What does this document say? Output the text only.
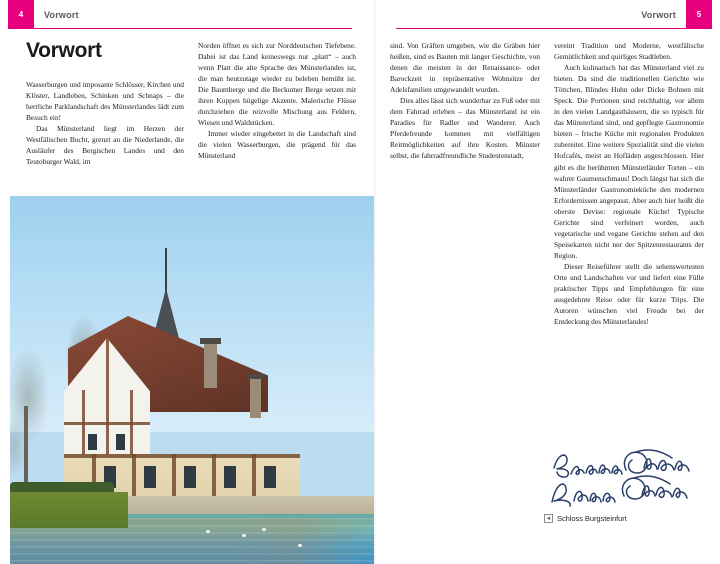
4	Vorwort
Vorwort

Wasserburgen und imposante Schlösser, Kirchen und Klöster, Landleben, Schinken und Schnaps – die herrliche Parklandschaft des Münsterlandes lädt zum Besuch ein!

Das Münsterland liegt im Herzen der Westfälischen Bucht, grenzt an die Niederlande, die Ausläufer des Bergischen Landes und den Teutoburger Wald, im

Norden öffnet es sich zur Norddeutschen Tiefebene. Dabei ist das Land keineswegs nur „platt“ – auch wenn Platt die alte Sprache des Münsterlandes ist, die man heutzutage wieder zu beleben bemüht ist. Die Baumberge und die Beckumer Berge setzen mit ihren Kuppen hügelige Akzente. Malerische Flüsse durchziehen die reizvolle Mischung aus Feldern, Wiesen und Waldstücken.

Immer wieder eingebettet in die Landschaft sind die vielen Wasserburgen, die prägend für das Münsterland

Vorwort	5

sind. Von Gräften umgeben, wie die Gräben hier heißen, sind es Bauten mit langer Geschichte, von denen die meisten in der Renaissance- oder Barockzeit in repräsentative Wohnsitze der Adelsfamilien umgewandelt wurden.

Dies alles lässt sich wunderbar zu Fuß oder mit dem Fahrrad erleben – das Münsterland ist ein Paradies für Radler und Wanderer. Auch Pferdefreunde kommen mit vielfältigen Reitmöglichkeiten auf ihre Kosten. Münster selbst, die fahrradfreundliche Studentenstadt,

vereint Tradition und Moderne, westfälische Gemütlichkeit und quirliges Stadtleben.

Auch kulinarisch hat das Münsterland viel zu bieten. Da sind die traditionellen Gerichte wie Töttchen, Blindes Huhn oder Dicke Bohnen mit Speck. Die Portionen sind reichhaltig, vor allem in den vielen Landgasthäusern, die so typisch für das Münsterland sind, und gepflegte Gastronomie bieten – frische Küche mit regionalen Produkten zubereitet. Eine weitere Spezialität sind die vielen Hofcafés, meist an Hofläden angeschlossen. Hier gibt es die berühmten Münsterländer Torten – ein wahrer Gaumenschmaus! Doch längst hat sich die Münsterländer Gastronomieküche den modernen Erfordernissen angepasst. Aber auch hier heißt die oberste Devise: regionale Küche! Typische Gerichte sind verfeinert worden, auch vegetarische und vegane Gerichte stehen auf den Speisekarten nicht nur der Spitzenrestaurants der Region.

Dieser Reiseführer stellt die sehenswertesten Orte und Landschaften vor und liefert eine Fülle praktischer Tipps und Empfehlungen für eine ausgedehnte Reise oder für kurze Trips. Die Autoren wünschen viel Freude bei der Entdeckung des Münsterlandes!

◄ Schloss Burgsteinfurt
